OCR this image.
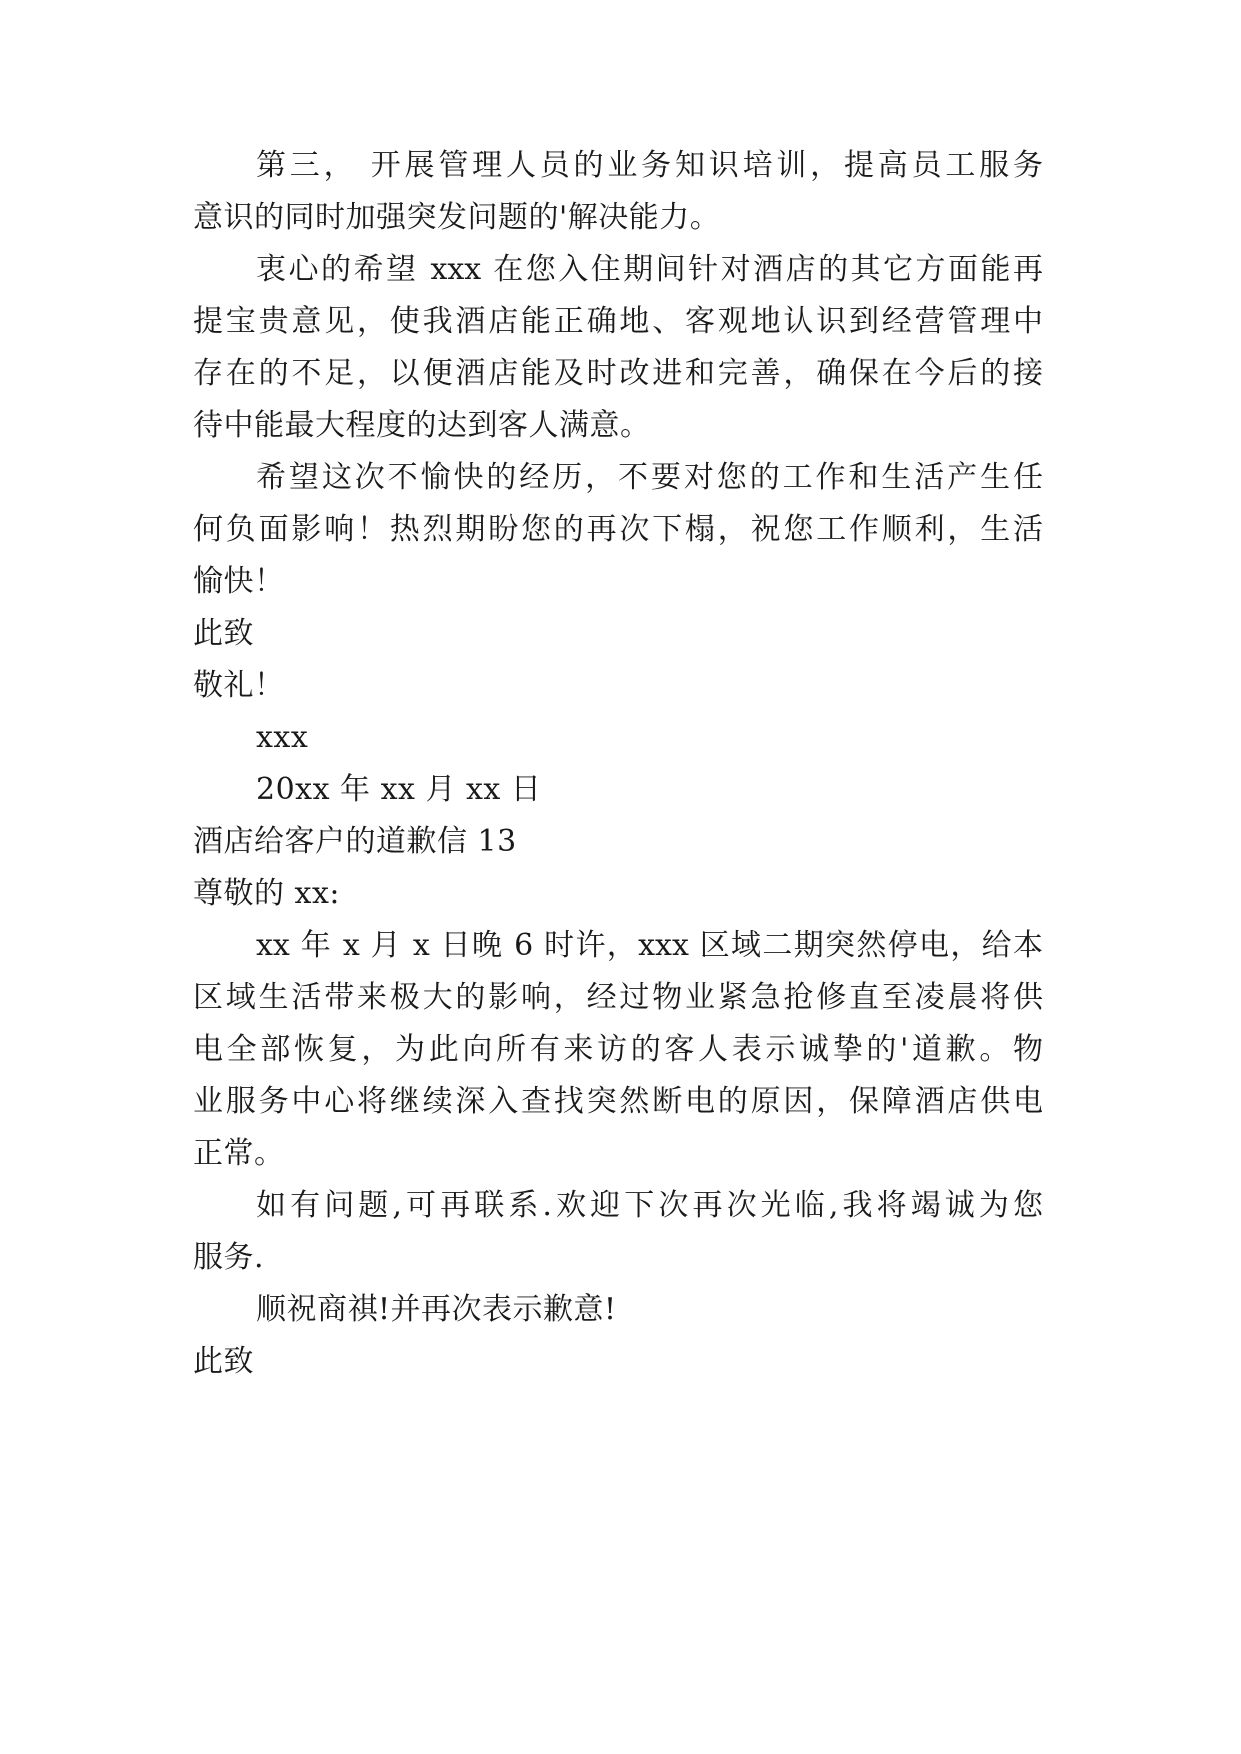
第三， 开展管理人员的业务知识培训，提高员工服务
意识的同时加强突发问题的'解决能力。
衷心的希望 xxx 在您入住期间针对酒店的其它方面能再
提宝贵意见，使我酒店能正确地、客观地认识到经营管理中
存在的不足，以便酒店能及时改进和完善，确保在今后的接
待中能最大程度的达到客人满意。
希望这次不愉快的经历，不要对您的工作和生活产生任
何负面影响！热烈期盼您的再次下榻，祝您工作顺利，生活
愉快！
此致
敬礼！
xxx
20xx 年 xx 月 xx 日
酒店给客户的道歉信 13
尊敬的 xx:
xx 年 x 月 x 日晚 6 时许，xxx 区域二期突然停电，给本
区域生活带来极大的影响，经过物业紧急抢修直至凌晨将供
电全部恢复，为此向所有来访的客人表示诚挚的'道歉。物
业服务中心将继续深入查找突然断电的原因，保障酒店供电
正常。
如有问题,可再联系.欢迎下次再次光临,我将竭诚为您
服务.
顺祝商祺!并再次表示歉意!
此致
